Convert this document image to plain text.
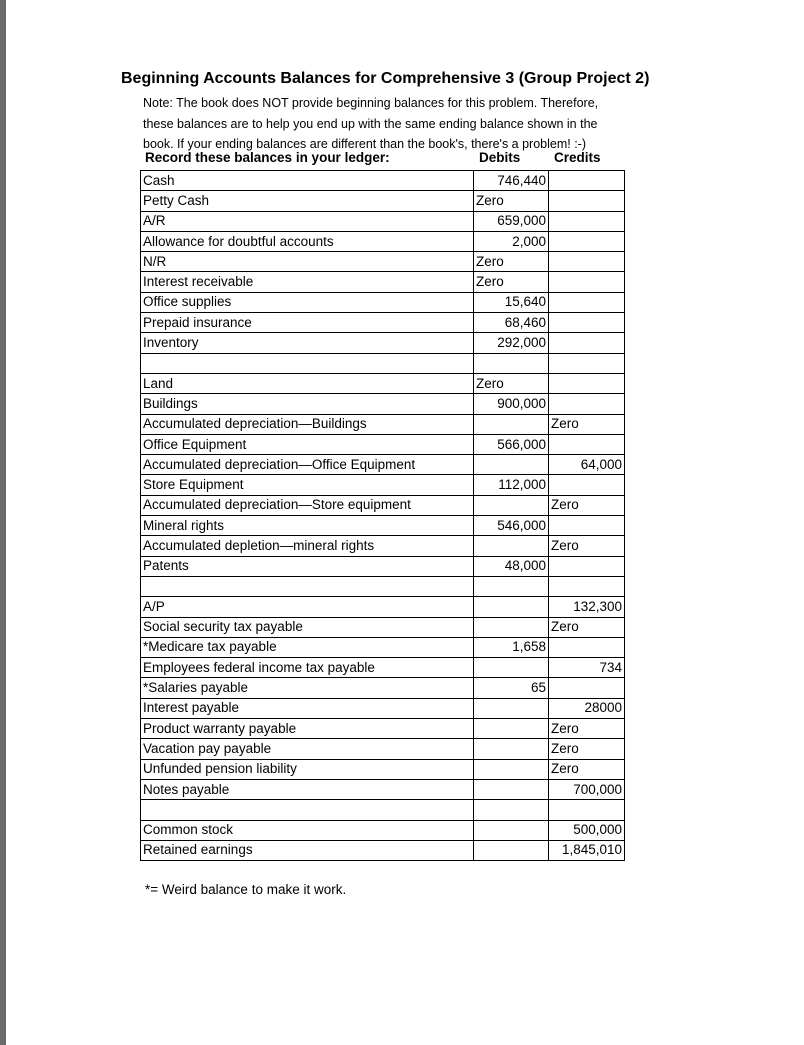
Beginning Accounts Balances for Comprehensive 3 (Group Project 2)
Note: The book does NOT provide beginning balances for this problem. Therefore,
these balances are to help you end up with the same ending balance shown in the
book. If your ending balances are different than the book's, there's a problem! :-)
Record these balances in your ledger:	Debits Credits
Cash	746,440	
Petty Cash	Zero	
A/R	659,000	
Allowance for doubtful accounts	2,000	
N/R	Zero	
Interest receivable	Zero	
Office supplies	15,640	
Prepaid insurance	68,460	
Inventory	292,000	

Land	Zero	
Buildings	900,000	
Accumulated depreciation—Buildings		Zero
Office Equipment	566,000	
Accumulated depreciation—Office Equipment		64,000
Store Equipment	112,000	
Accumulated depreciation—Store equipment		Zero
Mineral rights	546,000	
Accumulated depletion—mineral rights		Zero
Patents	48,000	

A/P		132,300
Social security tax payable		Zero
*Medicare tax payable	1,658	
Employees federal income tax payable		734
*Salaries payable	65	
Interest payable		28000
Product warranty payable		Zero
Vacation pay payable		Zero
Unfunded pension liability		Zero
Notes payable		700,000

Common stock		500,000
Retained earnings		1,845,010
*= Weird balance to make it work.
